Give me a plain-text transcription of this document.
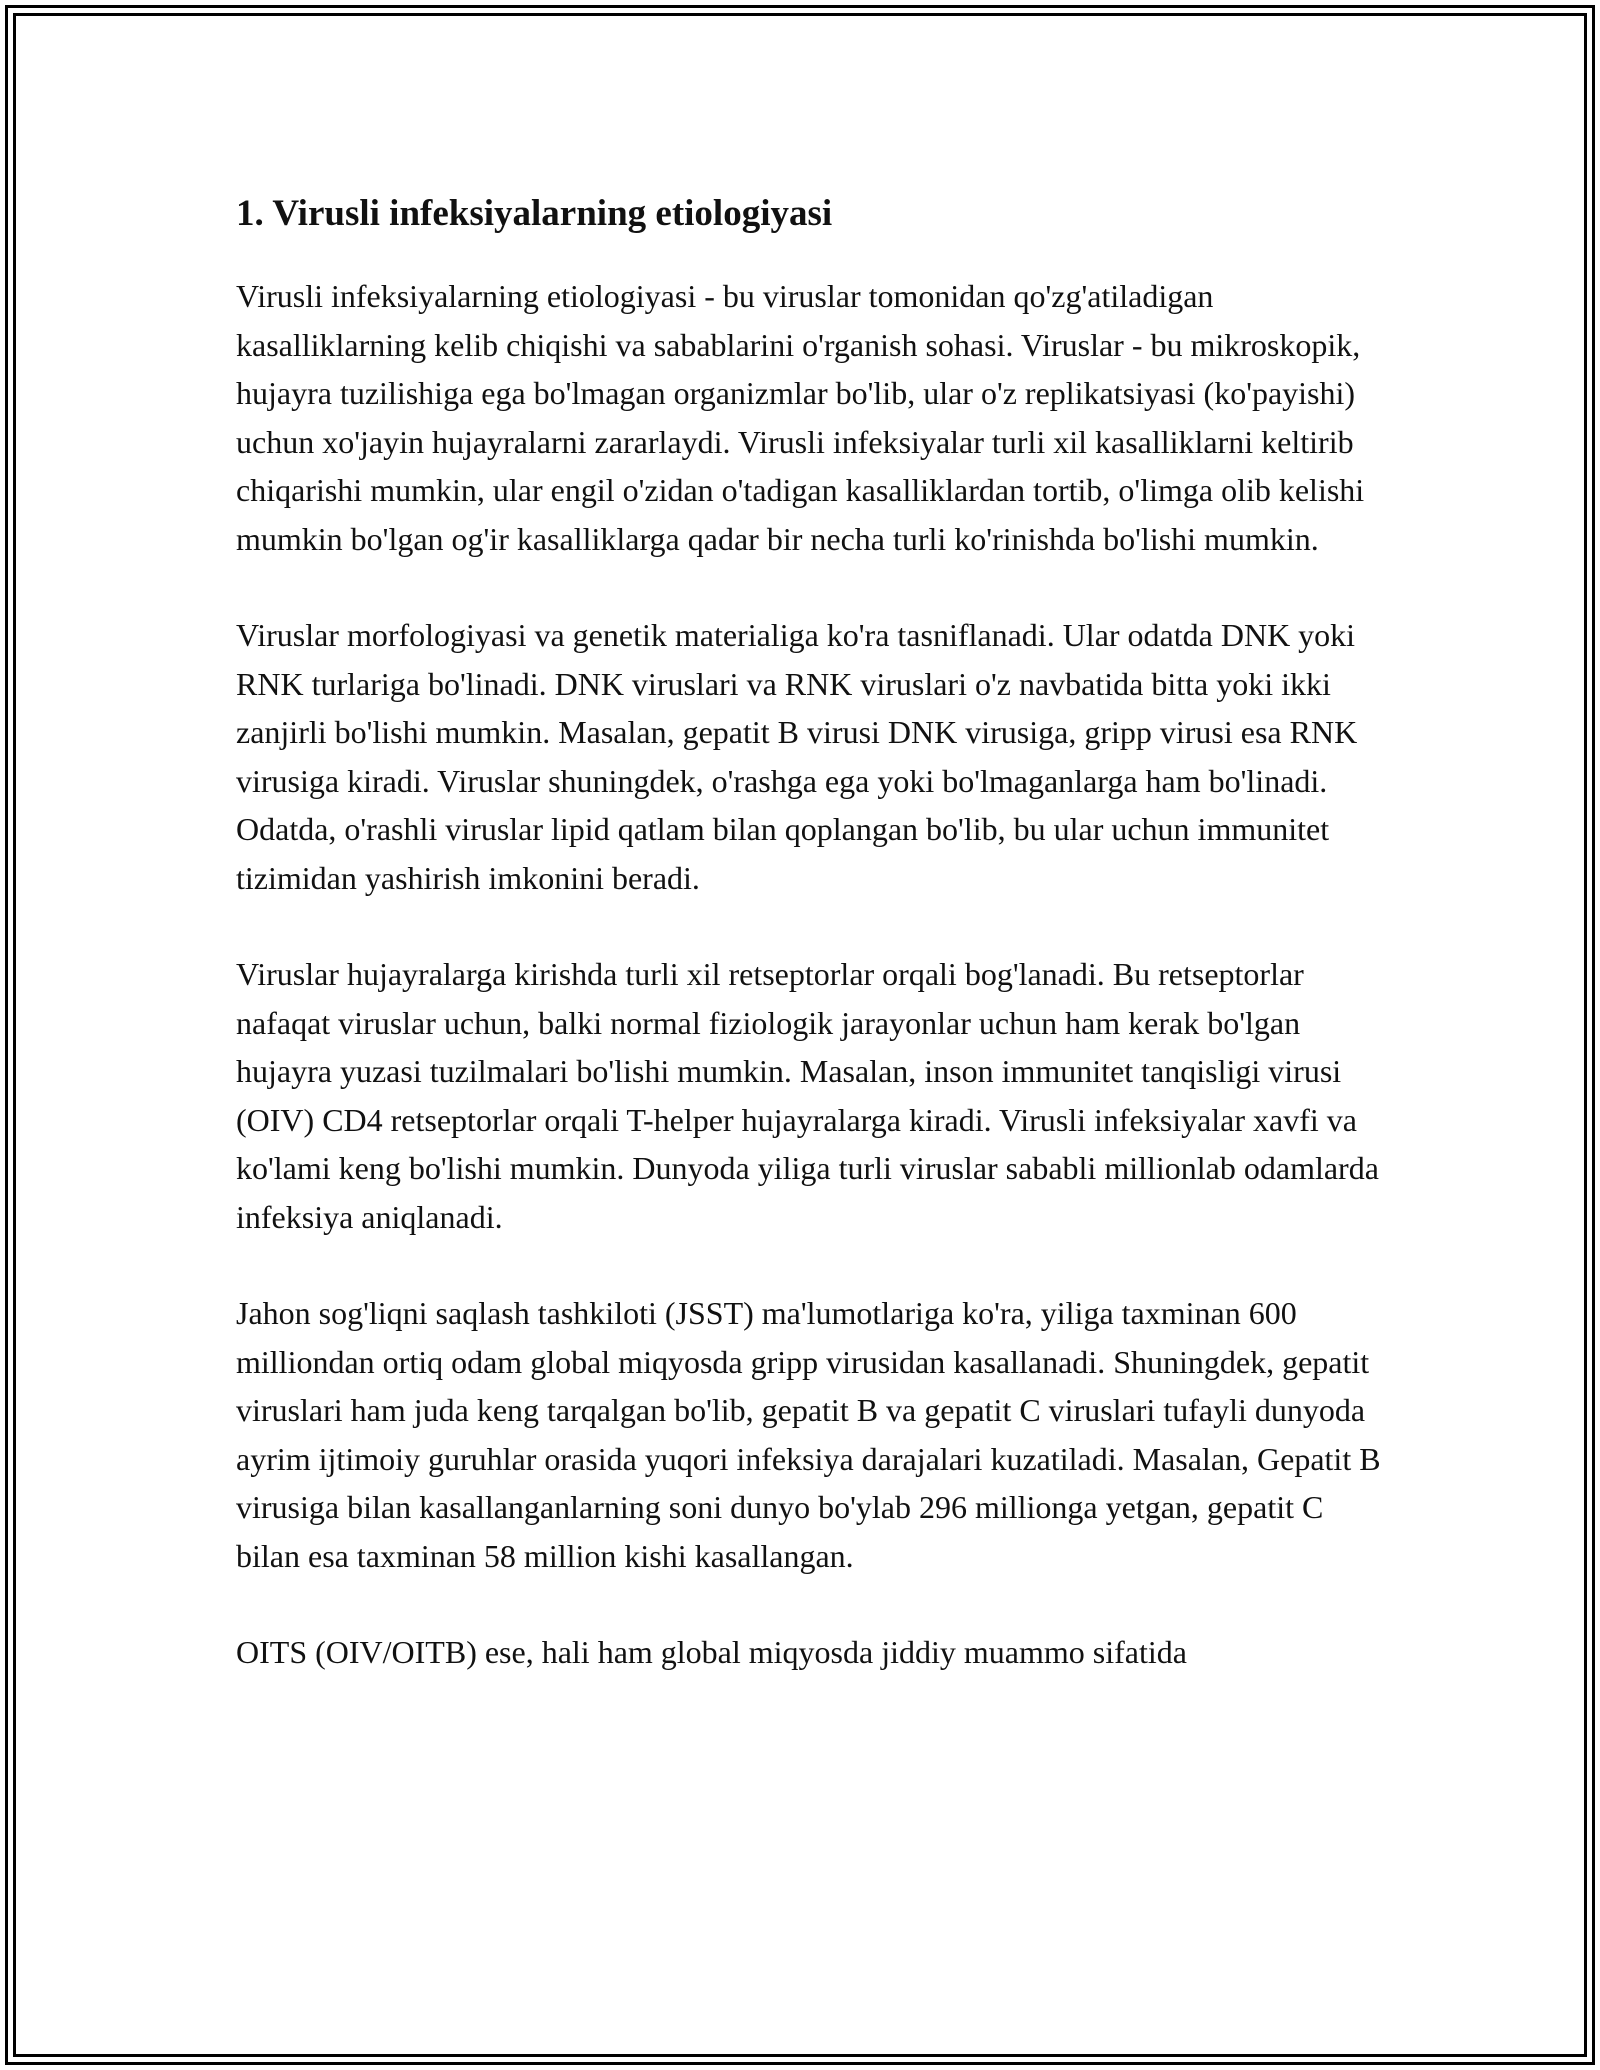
1. Virusli infeksiyalarning etiologiyasi

Virusli infeksiyalarning etiologiyasi - bu viruslar tomonidan qo'zg'atiladigan kasalliklarning kelib chiqishi va sabablarini o'rganish sohasi. Viruslar - bu mikroskopik, hujayra tuzilishiga ega bo'lmagan organizmlar bo'lib, ular o'z replikatsiyasi (ko'payishi) uchun xo'jayin hujayralarni zararlaydi. Virusli infeksiyalar turli xil kasalliklarni keltirib chiqarishi mumkin, ular engil o'zidan o'tadigan kasalliklardan tortib, o'limga olib kelishi mumkin bo'lgan og'ir kasalliklarga qadar bir necha turli ko'rinishda bo'lishi mumkin.

Viruslar morfologiyasi va genetik materialiga ko'ra tasniflanadi. Ular odatda DNK yoki RNK turlariga bo'linadi. DNK viruslari va RNK viruslari o'z navbatida bitta yoki ikki zanjirli bo'lishi mumkin. Masalan, gepatit B virusi DNK virusiga, gripp virusi esa RNK virusiga kiradi. Viruslar shuningdek, o'rashga ega yoki bo'lmaganlarga ham bo'linadi. Odatda, o'rashli viruslar lipid qatlam bilan qoplangan bo'lib, bu ular uchun immunitet tizimidan yashirish imkonini beradi.

Viruslar hujayralarga kirishda turli xil retseptorlar orqali bog'lanadi. Bu retseptorlar nafaqat viruslar uchun, balki normal fiziologik jarayonlar uchun ham kerak bo'lgan hujayra yuzasi tuzilmalari bo'lishi mumkin. Masalan, inson immunitet tanqisligi virusi (OIV) CD4 retseptorlar orqali T-helper hujayralarga kiradi. Virusli infeksiyalar xavfi va ko'lami keng bo'lishi mumkin. Dunyoda yiliga turli viruslar sababli millionlab odamlarda infeksiya aniqlanadi.

Jahon sog'liqni saqlash tashkiloti (JSST) ma'lumotlariga ko'ra, yiliga taxminan 600 milliondan ortiq odam global miqyosda gripp virusidan kasallanadi. Shuningdek, gepatit viruslari ham juda keng tarqalgan bo'lib, gepatit B va gepatit C viruslari tufayli dunyoda ayrim ijtimoiy guruhlar orasida yuqori infeksiya darajalari kuzatiladi. Masalan, Gepatit B virusiga bilan kasallanganlarning soni dunyo bo'ylab 296 millionga yetgan, gepatit C bilan esa taxminan 58 million kishi kasallangan.

OITS (OIV/OITB) ese, hali ham global miqyosda jiddiy muammo sifatida
